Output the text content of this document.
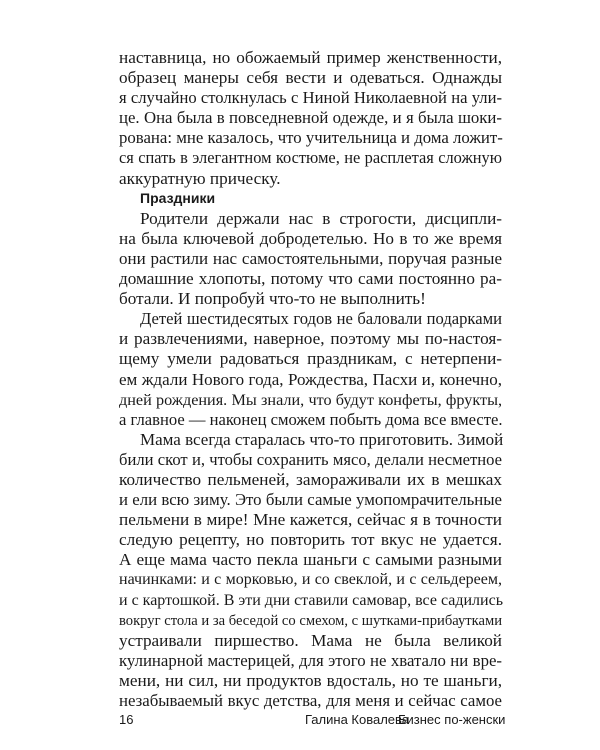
наставница, но обожаемый пример женственности,
образец манеры себя вести и одеваться. Однажды
я случайно столкнулась с Ниной Николаевной на ули-
це. Она была в повседневной одежде, и я была шоки-
рована: мне казалось, что учительница и дома ложит-
ся спать в элегантном костюме, не расплетая сложную
аккуратную прическу.
Праздники
Родители держали нас в строгости, дисципли-
на была ключевой добродетелью. Но в то же время
они растили нас самостоятельными, поручая разные
домашние хлопоты, потому что сами постоянно ра-
ботали. И попробуй что-то не выполнить!
Детей шестидесятых годов не баловали подарками
и развлечениями, наверное, поэтому мы по-настоя-
щему умели радоваться праздникам, с нетерпени-
ем ждали Нового года, Рождества, Пасхи и, конечно,
дней рождения. Мы знали, что будут конфеты, фрукты,
а главное — наконец сможем побыть дома все вместе.
Мама всегда старалась что-то приготовить. Зимой
били скот и, чтобы сохранить мясо, делали несметное
количество пельменей, замораживали их в мешках
и ели всю зиму. Это были самые умопомрачительные
пельмени в мире! Мне кажется, сейчас я в точности
следую рецепту, но повторить тот вкус не удается.
А еще мама часто пекла шаньги с самыми разными
начинками: и с морковью, и со свеклой, и с сельдереем,
и с картошкой. В эти дни ставили самовар, все садились
вокруг стола и за беседой со смехом, с шутками-прибаутками
устраивали пиршество. Мама не была великой
кулинарной мастерицей, для этого не хватало ни вре-
мени, ни сил, ни продуктов вдосталь, но те шаньги,
незабываемый вкус детства, для меня и сейчас самое
16	Галина Ковалева
Бизнес по-женски
